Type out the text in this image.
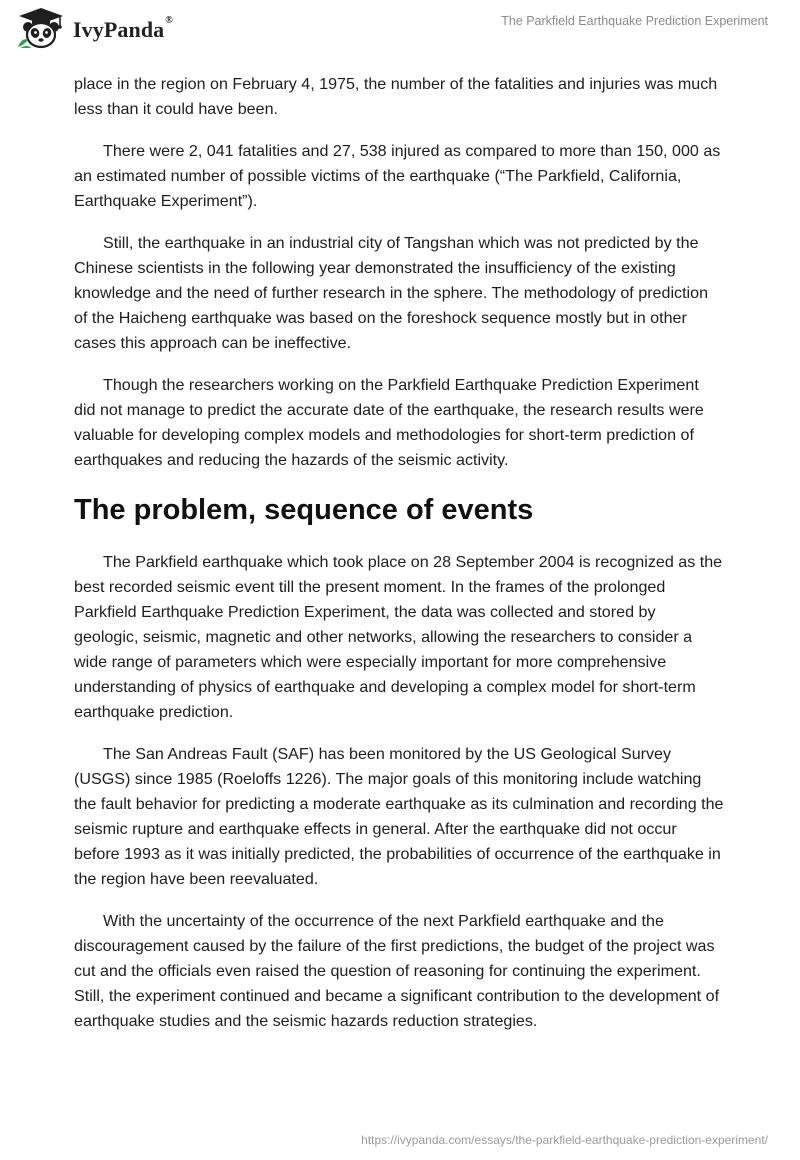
IvyPanda®	The Parkfield Earthquake Prediction Experiment

place in the region on February 4, 1975, the number of the fatalities and injuries was much less than it could have been.

There were 2, 041 fatalities and 27, 538 injured as compared to more than 150, 000 as an estimated number of possible victims of the earthquake (“The Parkfield, California, Earthquake Experiment”).

Still, the earthquake in an industrial city of Tangshan which was not predicted by the Chinese scientists in the following year demonstrated the insufficiency of the existing knowledge and the need of further research in the sphere. The methodology of prediction of the Haicheng earthquake was based on the foreshock sequence mostly but in other cases this approach can be ineffective.

Though the researchers working on the Parkfield Earthquake Prediction Experiment did not manage to predict the accurate date of the earthquake, the research results were valuable for developing complex models and methodologies for short-term prediction of earthquakes and reducing the hazards of the seismic activity.

The problem, sequence of events

The Parkfield earthquake which took place on 28 September 2004 is recognized as the best recorded seismic event till the present moment. In the frames of the prolonged Parkfield Earthquake Prediction Experiment, the data was collected and stored by geologic, seismic, magnetic and other networks, allowing the researchers to consider a wide range of parameters which were especially important for more comprehensive understanding of physics of earthquake and developing a complex model for short-term earthquake prediction.

The San Andreas Fault (SAF) has been monitored by the US Geological Survey (USGS) since 1985 (Roeloffs 1226). The major goals of this monitoring include watching the fault behavior for predicting a moderate earthquake as its culmination and recording the seismic rupture and earthquake effects in general. After the earthquake did not occur before 1993 as it was initially predicted, the probabilities of occurrence of the earthquake in the region have been reevaluated.

With the uncertainty of the occurrence of the next Parkfield earthquake and the discouragement caused by the failure of the first predictions, the budget of the project was cut and the officials even raised the question of reasoning for continuing the experiment. Still, the experiment continued and became a significant contribution to the development of earthquake studies and the seismic hazards reduction strategies.

https://ivypanda.com/essays/the-parkfield-earthquake-prediction-experiment/
